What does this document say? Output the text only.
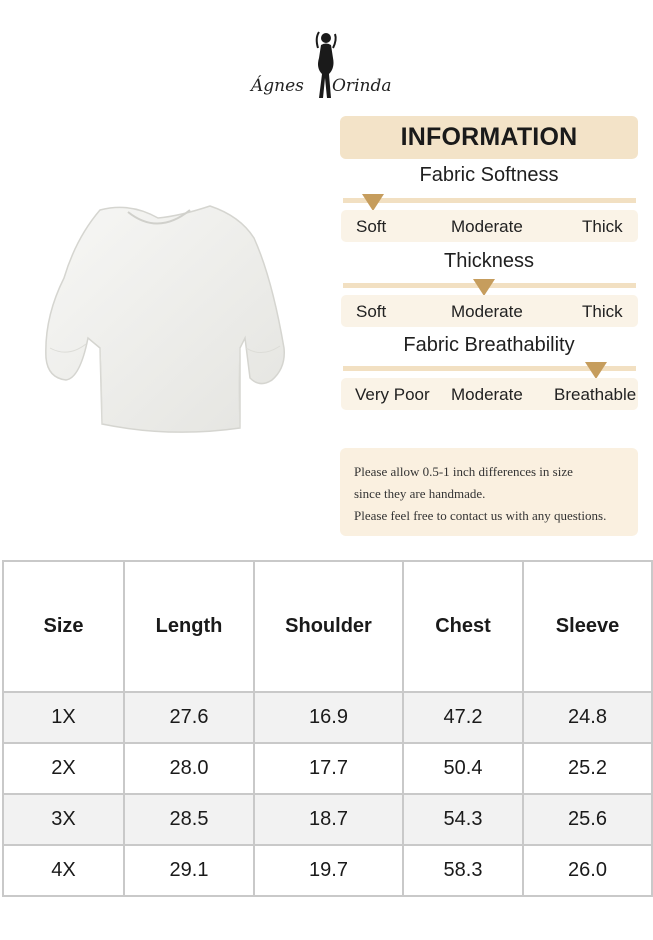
Ágnes Orinda
INFORMATION
Fabric Softness
Soft	Moderate	Thick
Thickness
Soft	Moderate	Thick
Fabric Breathability
Very Poor Moderate Breathable
Please allow 0.5-1 inch differences in size
since they are handmade.
Please feel free to contact us with any questions.
Size	Length	Shoulder	Chest	Sleeve
1X	27.6	16.9	47.2	24.8
2X	28.0	17.7	50.4	25.2
3X	28.5	18.7	54.3	25.6
4X	29.1	19.7	58.3	26.0
